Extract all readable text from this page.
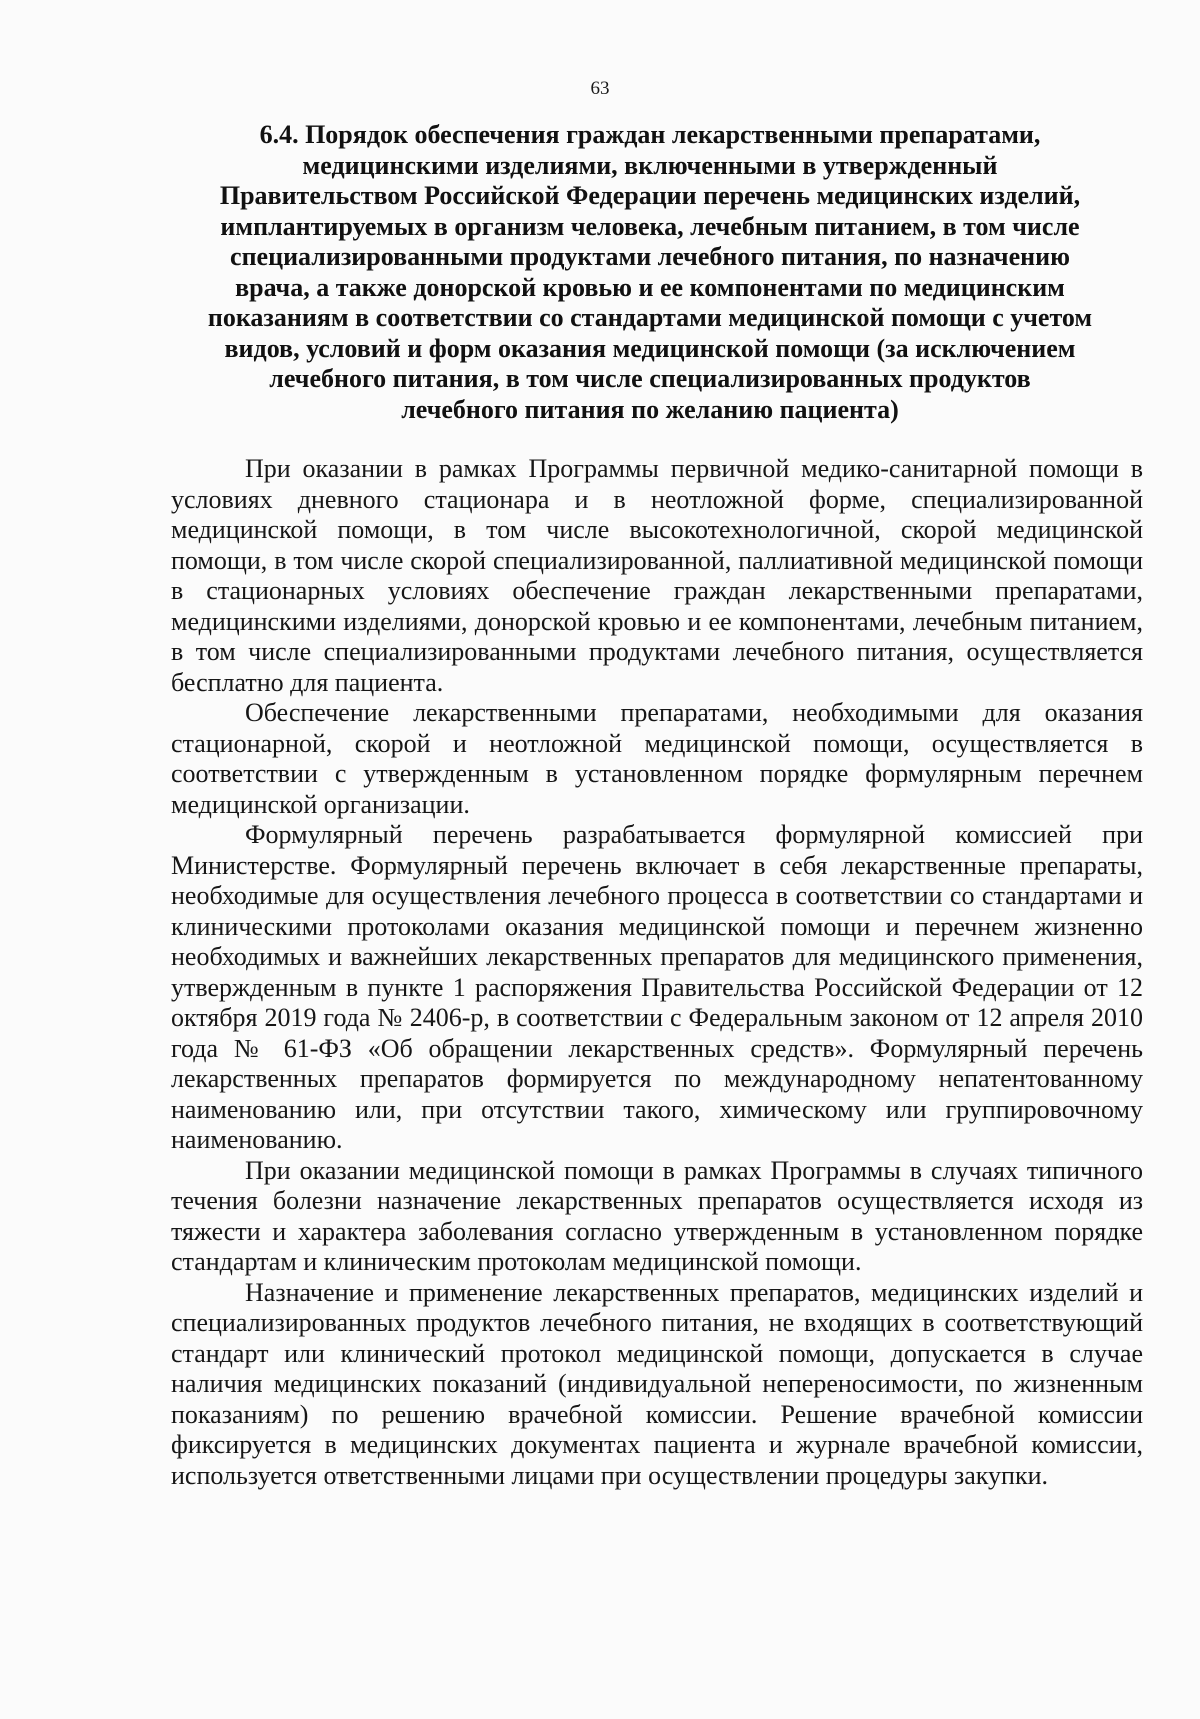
63
6.4. Порядок обеспечения граждан лекарственными препаратами,
медицинскими изделиями, включенными в утвержденный
Правительством Российской Федерации перечень медицинских изделий,
имплантируемых в организм человека, лечебным питанием, в том числе
специализированными продуктами лечебного питания, по назначению
врача, а также донорской кровью и ее компонентами по медицинским
показаниям в соответствии со стандартами медицинской помощи с учетом
видов, условий и форм оказания медицинской помощи (за исключением
лечебного питания, в том числе специализированных продуктов
лечебного питания по желанию пациента)

При оказании в рамках Программы первичной медико-санитарной помощи в условиях дневного стационара и в неотложной форме, специализированной медицинской помощи, в том числе высокотехнологичной, скорой медицинской помощи, в том числе скорой специализированной, паллиативной медицинской помощи в стационарных условиях обеспечение граждан лекарственными препаратами, медицинскими изделиями, донорской кровью и ее компонентами, лечебным питанием, в том числе специализированными продуктами лечебного питания, осуществляется бесплатно для пациента.

Обеспечение лекарственными препаратами, необходимыми для оказания стационарной, скорой и неотложной медицинской помощи, осуществляется в соответствии с утвержденным в установленном порядке формулярным перечнем медицинской организации.

Формулярный перечень разрабатывается формулярной комиссией при Министерстве. Формулярный перечень включает в себя лекарственные препараты, необходимые для осуществления лечебного процесса в соответствии со стандартами и клиническими протоколами оказания медицинской помощи и перечнем жизненно необходимых и важнейших лекарственных препаратов для медицинского применения, утвержденным в пункте 1 распоряжения Правительства Российской Федерации от 12 октября 2019 года № 2406-р, в соответствии с Федеральным законом от 12 апреля 2010 года № 61-ФЗ «Об обращении лекарственных средств». Формулярный перечень лекарственных препаратов формируется по международному непатентованному наименованию или, при отсутствии такого, химическому или группировочному наименованию.

При оказании медицинской помощи в рамках Программы в случаях типичного течения болезни назначение лекарственных препаратов осуществляется исходя из тяжести и характера заболевания согласно утвержденным в установленном порядке стандартам и клиническим протоколам медицинской помощи.

Назначение и применение лекарственных препаратов, медицинских изделий и специализированных продуктов лечебного питания, не входящих в соответствующий стандарт или клинический протокол медицинской помощи, допускается в случае наличия медицинских показаний (индивидуальной непереносимости, по жизненным показаниям) по решению врачебной комиссии. Решение врачебной комиссии фиксируется в медицинских документах пациента и журнале врачебной комиссии, используется ответственными лицами при осуществлении процедуры закупки.
